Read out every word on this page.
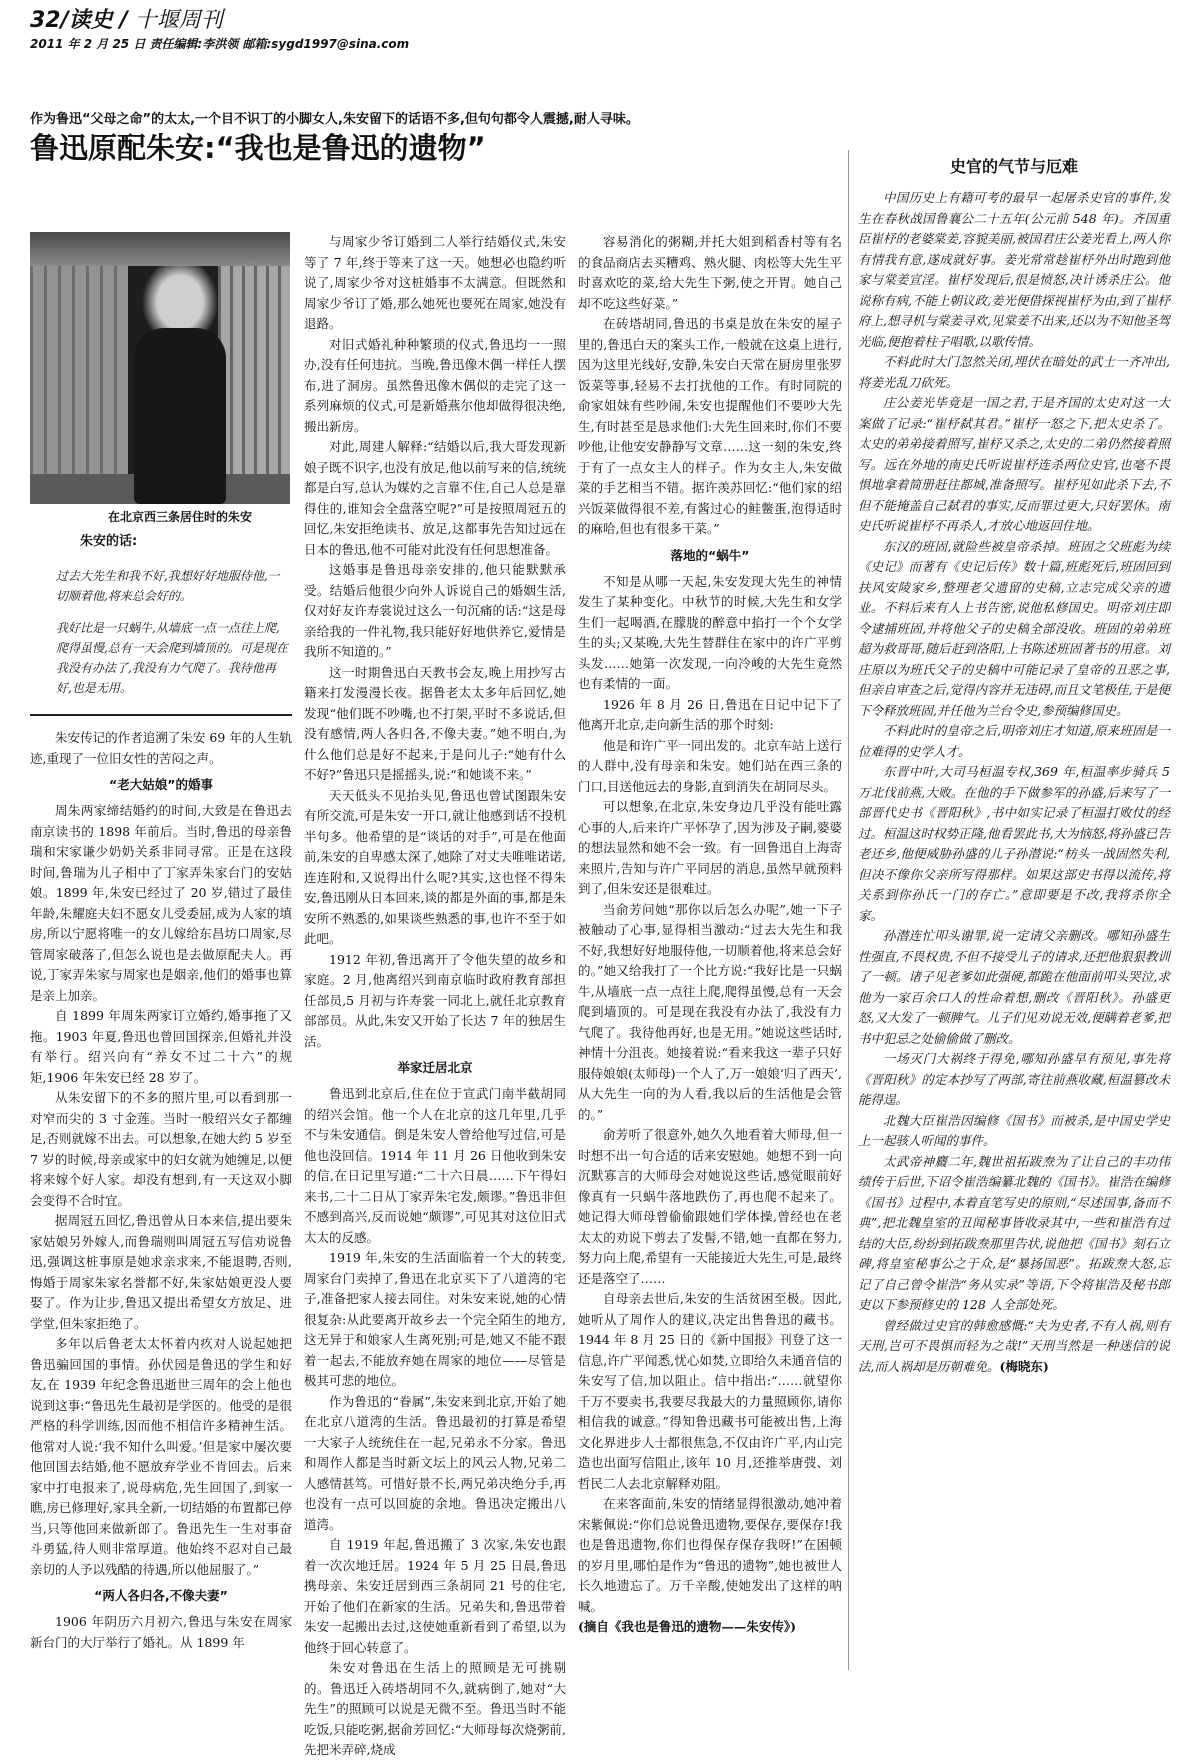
32/读史 / 十堰周刊
2011 年 2 月 25 日 责任编辑:李洪领 邮箱:sygd1997@sina.com
作为鲁迅“父母之命”的太太,一个目不识丁的小脚女人,朱安留下的话语不多,但句句都令人震撼,耐人寻味。
鲁迅原配朱安:“我也是鲁迅的遗物”
在北京西三条居住时的朱安
朱安的话:
过去大先生和我不好,我想好好地服侍他,一切顺着他,将来总会好的。
我好比是一只蜗牛,从墙底一点一点往上爬,爬得虽慢,总有一天会爬到墙顶的。可是现在我没有办法了,我没有力气爬了。我待他再好,也是无用。

朱安传记的作者追溯了朱安 69 年的人生轨迹,重现了一位旧女性的苦闷之声。

“老大姑娘”的婚事

周朱两家缔结婚约的时间,大致是在鲁迅去南京读书的 1898 年前后。当时,鲁迅的母亲鲁瑞和宋家谦少奶奶关系非同寻常。正是在这段时间,鲁瑞为儿子相中了丁家弄朱家台门的安姑娘。1899 年,朱安已经过了 20 岁,错过了最佳年龄,朱耀庭夫妇不愿女儿受委屈,成为人家的填房,所以宁愿将唯一的女儿嫁给东昌坊口周家,尽管周家破落了,但怎么说也是去做原配夫人。再说,丁家弄朱家与周家也是姻亲,他们的婚事也算是亲上加亲。

自 1899 年周朱两家订立婚约,婚事拖了又拖。1903 年夏,鲁迅也曾回国探亲,但婚礼并没有举行。绍兴向有“养女不过二十六”的规矩,1906 年朱安已经 28 岁了。

从朱安留下的不多的照片里,可以看到那一对窄而尖的 3 寸金莲。当时一般绍兴女子都缠足,否则就嫁不出去。可以想象,在她大约 5 岁至 7 岁的时候,母亲或家中的妇女就为她缠足,以便将来嫁个好人家。却没有想到,有一天这双小脚会变得不合时宜。

据周冠五回忆,鲁迅曾从日本来信,提出要朱家姑娘另外嫁人,而鲁瑞则叫周冠五写信劝说鲁迅,强调这桩事原是她求亲求来,不能退聘,否则,悔婚于周家朱家名誉都不好,朱家姑娘更没人要娶了。作为让步,鲁迅又提出希望女方放足、进学堂,但朱家拒绝了。

多年以后鲁老太太怀着内疚对人说起她把鲁迅骗回国的事情。孙伏园是鲁迅的学生和好友,在 1939 年纪念鲁迅逝世三周年的会上他也说到这事:“鲁迅先生最初是学医的。他受的是很严格的科学训练,因而他不相信许多精神生活。他常对人说:‘我不知什么叫爱。’但是家中屡次要他回国去结婚,他不愿放弃学业不肯回去。后来家中打电报来了,说母病危,先生回国了,到家一瞧,房已修理好,家具全新,一切结婚的布置都已停当,只等他回来做新郎了。鲁迅先生一生对事奋斗勇猛,待人则非常厚道。他始终不忍对自己最亲切的人予以残酷的待遇,所以他屈服了。”

“两人各归各,不像夫妻”

1906 年阴历六月初六,鲁迅与朱安在周家新台门的大厅举行了婚礼。从 1899 年

与周家少爷订婚到二人举行结婚仪式,朱安等了 7 年,终于等来了这一天。她想必也隐约听说了,周家少爷对这桩婚事不太满意。但既然和周家少爷订了婚,那么她死也要死在周家,她没有退路。

对旧式婚礼种种繁琐的仪式,鲁迅均一一照办,没有任何违抗。当晚,鲁迅像木偶一样任人摆布,进了洞房。虽然鲁迅像木偶似的走完了这一系列麻烦的仪式,可是新婚燕尔他却做得很决绝,搬出新房。

对此,周建人解释:“结婚以后,我大哥发现新娘子既不识字,也没有放足,他以前写来的信,统统都是白写,总认为媒妁之言靠不住,自己人总是靠得住的,谁知会全盘落空呢?”可是按照周冠五的回忆,朱安拒绝读书、放足,这都事先告知过远在日本的鲁迅,他不可能对此没有任何思想准备。

这婚事是鲁迅母亲安排的,他只能默默承受。结婚后他很少向外人诉说自己的婚姻生活,仅对好友许寿裳说过这么一句沉痛的话:“这是母亲给我的一件礼物,我只能好好地供养它,爱情是我所不知道的。”

这一时期鲁迅白天教书会友,晚上用抄写古籍来打发漫漫长夜。据鲁老太太多年后回忆,她发现“他们既不吵嘴,也不打架,平时不多说话,但没有感情,两人各归各,不像夫妻。”她不明白,为什么他们总是好不起来,于是问儿子:“她有什么不好?”鲁迅只是摇摇头,说:“和她谈不来。”

天天低头不见抬头见,鲁迅也曾试图跟朱安有所交流,可是朱安一开口,就让他感到话不投机半句多。他希望的是“谈话的对手”,可是在他面前,朱安的自卑感太深了,她除了对丈夫唯唯诺诺,连连附和,又说得出什么呢?其实,这也怪不得朱安,鲁迅刚从日本回来,谈的都是外面的事,都是朱安所不熟悉的,如果谈些熟悉的事,也许不至于如此吧。

1912 年初,鲁迅离开了令他失望的故乡和家庭。2 月,他离绍兴到南京临时政府教育部担任部员,5 月初与许寿裳一同北上,就任北京教育部部员。从此,朱安又开始了长达 7 年的独居生活。

举家迁居北京

鲁迅到北京后,住在位于宣武门南半截胡同的绍兴会馆。他一个人在北京的这几年里,几乎不与朱安通信。倒是朱安人曾给他写过信,可是他也没回信。1914 年 11 月 26 日他收到朱安的信,在日记里写道:“二十六日晨……下午得妇来书,二十二日从丁家弄朱宅发,颇谬。”鲁迅非但不感到高兴,反而说她“颇谬”,可见其对这位旧式太太的反感。

1919 年,朱安的生活面临着一个大的转变,周家台门卖掉了,鲁迅在北京买下了八道湾的宅子,准备把家人接去同住。对朱安来说,她的心情很复杂:从此要离开故乡去一个完全陌生的地方,这无异于和娘家人生离死别;可是,她又不能不跟着一起去,不能放弃她在周家的地位——尽管是极其可悲的地位。

作为鲁迅的“眷属”,朱安来到北京,开始了她在北京八道湾的生活。鲁迅最初的打算是希望一大家子人统统住在一起,兄弟永不分家。鲁迅和周作人都是当时新文坛上的风云人物,兄弟二人感情甚笃。可惜好景不长,两兄弟决绝分手,再也没有一点可以回旋的余地。鲁迅决定搬出八道湾。

自 1919 年起,鲁迅搬了 3 次家,朱安也跟着一次次地迁居。1924 年 5 月 25 日晨,鲁迅携母亲、朱安迁居到西三条胡同 21 号的住宅,开始了他们在新家的生活。兄弟失和,鲁迅带着朱安一起搬出去过,这使她重新看到了希望,以为他终于回心转意了。

朱安对鲁迅在生活上的照顾是无可挑剔的。鲁迅迁入砖塔胡同不久,就病倒了,她对“大先生”的照顾可以说是无微不至。鲁迅当时不能吃饭,只能吃粥,据俞芳回忆:“大师母每次烧粥前,先把米弄碎,烧成

容易消化的粥糊,并托大姐到稻香村等有名的食品商店去买糟鸡、熟火腿、肉松等大先生平时喜欢吃的菜,给大先生下粥,使之开胃。她自己却不吃这些好菜。”

在砖塔胡同,鲁迅的书桌是放在朱安的屋子里的,鲁迅白天的案头工作,一般就在这桌上进行,因为这里光线好,安静,朱安白天常在厨房里张罗饭菜等事,轻易不去打扰他的工作。有时同院的俞家姐妹有些吵闹,朱安也提醒他们不要吵大先生,有时甚至是恳求他们:大先生回来时,你们不要吵他,让他安安静静写文章……这一刻的朱安,终于有了一点女主人的样子。作为女主人,朱安做菜的手艺相当不错。据许羡苏回忆:“他们家的绍兴饭菜做得很不差,有酱过心的鲑鳖蛋,泡得适时的麻哈,但也有很多干菜。”

落地的“蜗牛”

不知是从哪一天起,朱安发现大先生的神情发生了某种变化。中秋节的时候,大先生和女学生们一起喝酒,在朦胧的醉意中掐打一个个女学生的头;又某晚,大先生替群住在家中的许广平剪头发……她第一次发现,一向冷峻的大先生竟然也有柔情的一面。

1926 年 8 月 26 日,鲁迅在日记中记下了他离开北京,走向新生活的那个时刻:

他是和许广平一同出发的。北京车站上送行的人群中,没有母亲和朱安。她们站在西三条的门口,目送他远去的身影,直到消失在胡同尽头。

可以想象,在北京,朱安身边几乎没有能吐露心事的人,后来许广平怀孕了,因为涉及子嗣,婆婆的想法显然和她不会一致。有一回鲁迅自上海寄来照片,告知与许广平同居的消息,虽然早就预料到了,但朱安还是很难过。

当俞芳问她“那你以后怎么办呢”,她一下子被触动了心事,显得相当激动:“过去大先生和我不好,我想好好地服侍他,一切顺着他,将来总会好的。”她又给我打了一个比方说:“我好比是一只蜗牛,从墙底一点一点往上爬,爬得虽慢,总有一天会爬到墙顶的。可是现在我没有办法了,我没有力气爬了。我待他再好,也是无用。”她说这些话时,神情十分沮丧。她接着说:“看来我这一辈子只好服侍娘娘(太师母)一个人了,万一娘娘‘归了西天’,从大先生一向的为人看,我以后的生活他是会管的。”

俞芳听了很意外,她久久地看着大师母,但一时想不出一句合适的话来安慰她。她想不到一向沉默寡言的大师母会对她说这些话,感觉眼前好像真有一只蜗牛落地跌伤了,再也爬不起来了。她记得大师母曾偷偷跟她们学体操,曾经也在老太太的劝说下剪去了发髻,不错,她一直都在努力,努力向上爬,希望有一天能接近大先生,可是,最终还是落空了……

自母亲去世后,朱安的生活贫困至极。因此,她听从了周作人的建议,决定出售鲁迅的藏书。1944 年 8 月 25 日的《新中国报》刊登了这一信息,许广平闻悉,忧心如焚,立即给久未通音信的朱安写了信,加以阻止。信中指出:“……就望你千万不要卖书,我要尽我最大的力量照顾你,请你相信我的诚意。”得知鲁迅藏书可能被出售,上海文化界进步人士都很焦急,不仅由许广平,内山完造也出面写信阻止,该年 10 月,还推举唐弢、刘哲民二人去北京解释劝阻。

在来客面前,朱安的情绪显得很激动,她冲着宋紫佩说:“你们总说鲁迅遗物,要保存,要保存!我也是鲁迅遗物,你们也得保存保存我呀!”在困顿的岁月里,哪怕是作为“鲁迅的遗物”,她也被世人长久地遗忘了。万千辛酸,使她发出了这样的呐喊。

(摘自《我也是鲁迅的遗物——朱安传》)

史官的气节与厄难

中国历史上有籍可考的最早一起屠杀史官的事件,发生在春秋战国鲁襄公二十五年(公元前 548 年)。齐国重臣崔杼的老婆棠姜,容貌美丽,被国君庄公姜光看上,两人你有情我有意,遂成就好事。姜光常常趁崔杼外出时跑到他家与棠姜宣淫。崔杼发现后,很是愤怒,决计诱杀庄公。他说称有病,不能上朝议政,姜光便借探视崔杼为由,到了崔杼府上,想寻机与棠姜寻欢,见棠姜不出来,还以为不知他圣驾光临,便抱着柱子唱歌,以歌传情。

不料此时大门忽然关闭,埋伏在暗处的武士一齐冲出,将姜光乱刀砍死。

庄公姜光毕竟是一国之君,于是齐国的太史对这一大案做了记录:“崔杼弑其君。”崔杼一怒之下,把太史杀了。太史的弟弟接着照写,崔杼又杀之,太史的二弟仍然接着照写。远在外地的南史氏听说崔杼连杀两位史官,也毫不畏惧地拿着简册赶往都城,准备照写。崔杼见如此杀下去,不但不能掩盖自己弑君的事实,反而罪过更大,只好罢休。南史氏听说崔杼不再杀人,才放心地返回住地。

东汉的班固,就险些被皇帝杀掉。班固之父班彪为续《史记》而著有《史记后传》数十篇,班彪死后,班固回到扶风安陵家乡,整理老父遗留的史稿,立志完成父亲的遗业。不料后来有人上书告密,说他私修国史。明帝刘庄即令逮捕班固,并将他父子的史稿全部没收。班固的弟弟班超为救哥哥,随后赶到洛阳,上书陈述班固著书的用意。刘庄原以为班氏父子的史稿中可能记录了皇帝的丑恶之事,但亲自审查之后,觉得内容并无违碍,而且文笔极佳,于是便下令释放班固,并任他为兰台令史,参预编修国史。

不料此时的皇帝之后,明帝刘庄才知道,原来班固是一位难得的史学人才。

东晋中叶,大司马桓温专权,369 年,桓温率步骑兵 5 万北伐前燕,大败。在他的手下做参军的孙盛,后来写了一部晋代史书《晋阳秋》,书中如实记录了桓温打败仗的经过。桓温这时权势正隆,他看罢此书,大为恼怒,将孙盛已告老还乡,他便威胁孙盛的儿子孙潜说:“枋头一战固然失利,但决不像你父亲所写得那样。如果这部史书得以流传,将关系到你孙氏一门的存亡。”意即要是不改,我将杀你全家。

孙潜连忙叩头谢罪,说一定请父亲删改。哪知孙盛生性强直,不畏权贵,不但不接受儿子的请求,还把他狠狠教训了一顿。诸子见老爹如此强硬,都跪在他面前叩头哭泣,求他为一家百余口人的性命着想,删改《晋阳秋》。孙盛更怒,又大发了一顿脾气。儿子们见劝说无效,便瞒着老爹,把书中犯忌之处偷偷做了删改。

一场灭门大祸终于得免,哪知孙盛早有预见,事先将《晋阳秋》的定本抄写了两部,寄往前燕收藏,桓温篡改未能得逞。

北魏大臣崔浩因编修《国书》而被杀,是中国史学史上一起骇人听闻的事件。

太武帝神麚二年,魏世祖拓跋焘为了让自己的丰功伟绩传于后世,下诏令崔浩编纂北魏的《国书》。崔浩在编修《国书》过程中,本着直笔写史的原则,“尽述国事,备而不典”,把北魏皇室的丑闻秘事皆收录其中,一些和崔浩有过结的大臣,纷纷到拓跋焘那里告状,说他把《国书》刻石立碑,将皇室秘事公之于众,是“暴扬国恶”。拓跋焘大怒,忘记了自己曾令崔浩“务从实录”等语,下令将崔浩及秘书郎吏以下参预修史的 128 人全部处死。

曾经做过史官的韩愈感慨:“夫为史者,不有人祸,则有天刑,岂可不畏惧而轻为之哉!”天刑当然是一种迷信的说法,而人祸却是历朝难免。(梅晓东)
